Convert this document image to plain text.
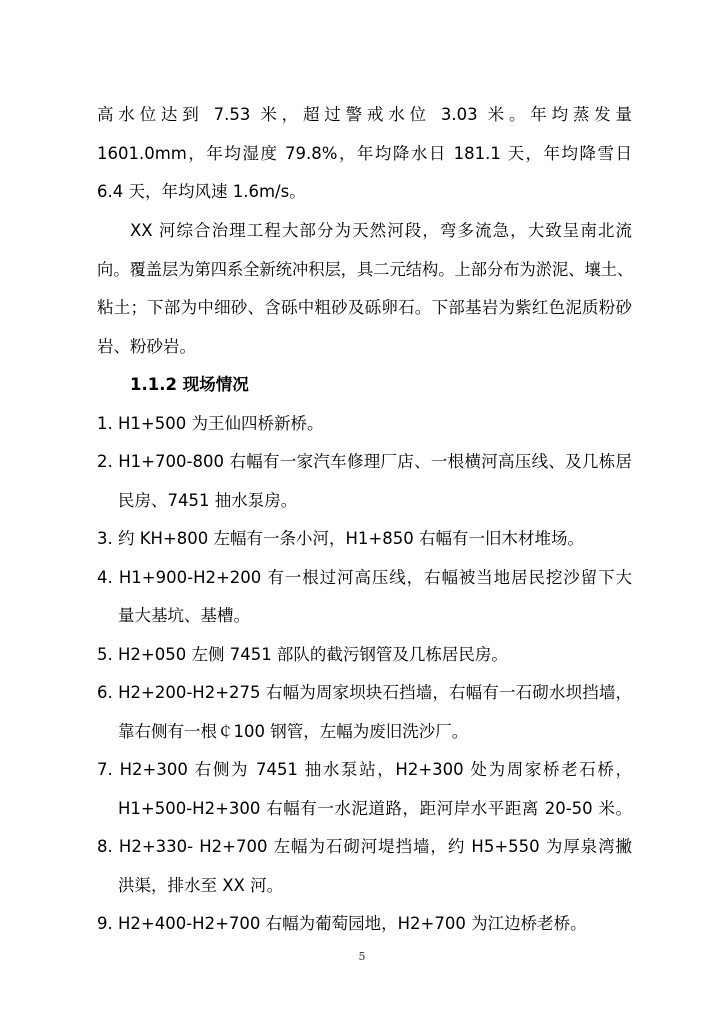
高水位达到 7.53 米，超过警戒水位 3.03 米。年均蒸发量
1601.0mm，年均湿度 79.8%，年均降水日 181.1 天，年均降雪日
6.4 天，年均风速 1.6m/s。
XX 河综合治理工程大部分为天然河段，弯多流急，大致呈南北流
向。覆盖层为第四系全新统冲积层，具二元结构。上部分布为淤泥、壤土、
粘土；下部为中细砂、含砾中粗砂及砾卵石。下部基岩为紫红色泥质粉砂
岩、粉砂岩。
1.1.2 现场情况
1. H1+500 为王仙四桥新桥。
2. H1+700-800 右幅有一家汽车修理厂店、一根横河高压线、及几栋居
民房、7451 抽水泵房。
3. 约 KH+800 左幅有一条小河，H1+850 右幅有一旧木材堆场。
4. H1+900-H2+200 有一根过河高压线，右幅被当地居民挖沙留下大
量大基坑、基槽。
5. H2+050 左侧 7451 部队的截污钢管及几栋居民房。
6. H2+200-H2+275 右幅为周家坝块石挡墙，右幅有一石砌水坝挡墙，
靠右侧有一根￠100 钢管，左幅为废旧洗沙厂。
7. H2+300 右侧为 7451 抽水泵站，H2+300 处为周家桥老石桥，
H1+500-H2+300 右幅有一水泥道路，距河岸水平距离 20-50 米。
8. H2+330- H2+700 左幅为石砌河堤挡墙，约 H5+550 为厚泉湾撇
洪渠，排水至 XX 河。
9. H2+400-H2+700 右幅为葡萄园地，H2+700 为江边桥老桥。
5
